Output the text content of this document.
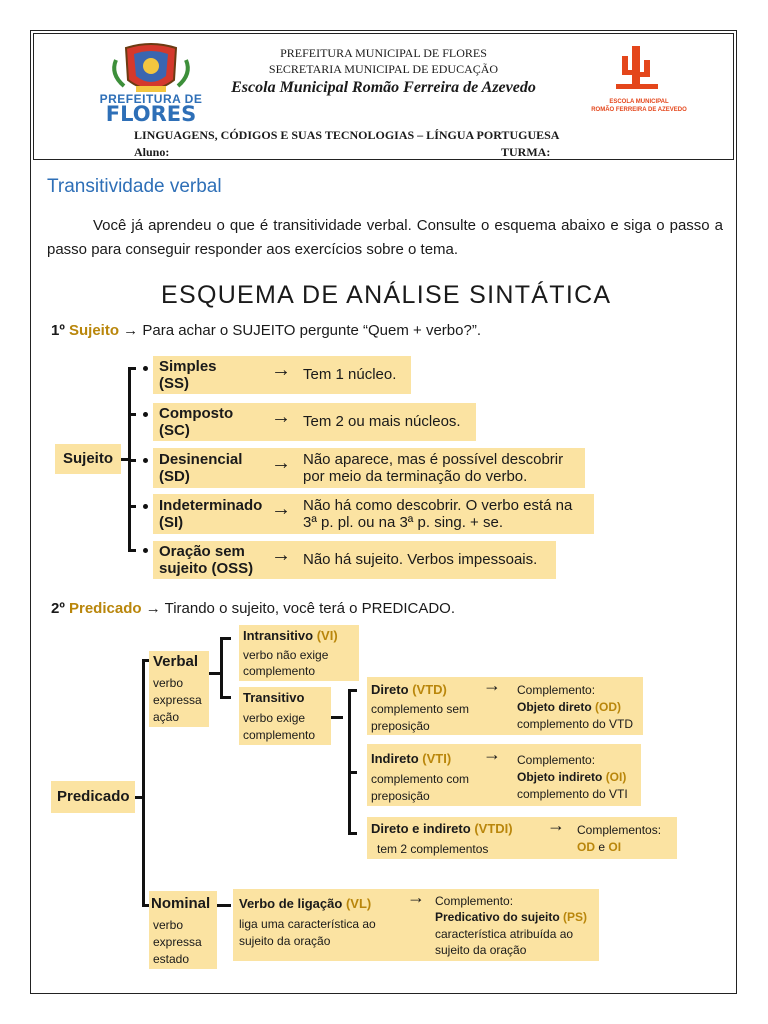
PREFEITURA DE
FLORES
PREFEITURA MUNICIPAL DE FLORES
SECRETARIA MUNICIPAL DE EDUCAÇÃO
Escola Municipal Romão Ferreira de Azevedo
ESCOLA MUNICIPAL
ROMÃO FERREIRA DE AZEVEDO
LINGUAGENS, CÓDIGOS E SUAS TECNOLOGIAS – LÍNGUA PORTUGUESA
Aluno:	TURMA:
Transitividade verbal
Você já aprendeu o que é transitividade verbal. Consulte o esquema abaixo e siga o passo a passo para conseguir responder aos exercícios sobre o tema.
ESQUEMA DE ANÁLISE SINTÁTICA
1º Sujeito → Para achar o SUJEITO pergunte “Quem + verbo?”.
Sujeito
Simples
(SS)
→ Tem 1 núcleo.
Composto
(SC)
→ Tem 2 ou mais núcleos.
Desinencial
(SD)
→ Não aparece, mas é possível descobrir
por meio da terminação do verbo.
Indeterminado
(SI)
→ Não há como descobrir. O verbo está na
3ª p. pl. ou na 3ª p. sing. + se.
Oração sem
sujeito (OSS)
→ Não há sujeito. Verbos impessoais.
2º Predicado → Tirando o sujeito, você terá o PREDICADO.
Predicado
Verbal
verbo
expressa
ação
Intransitivo (VI)
verbo não exige
complemento
Transitivo
verbo exige
complemento
Direto (VTD)
complemento sem
preposição
→ Complemento:
Objeto direto (OD)
complemento do VTD
Indireto (VTI)
complemento com
preposição
→ Complemento:
Objeto indireto (OI)
complemento do VTI
Direto e indireto (VTDI)
tem 2 complementos
→ Complementos:
OD e OI
Nominal
verbo
expressa
estado
Verbo de ligação (VL)
liga uma característica ao
sujeito da oração
→ Complemento:
Predicativo do sujeito (PS)
característica atribuída ao
sujeito da oração
